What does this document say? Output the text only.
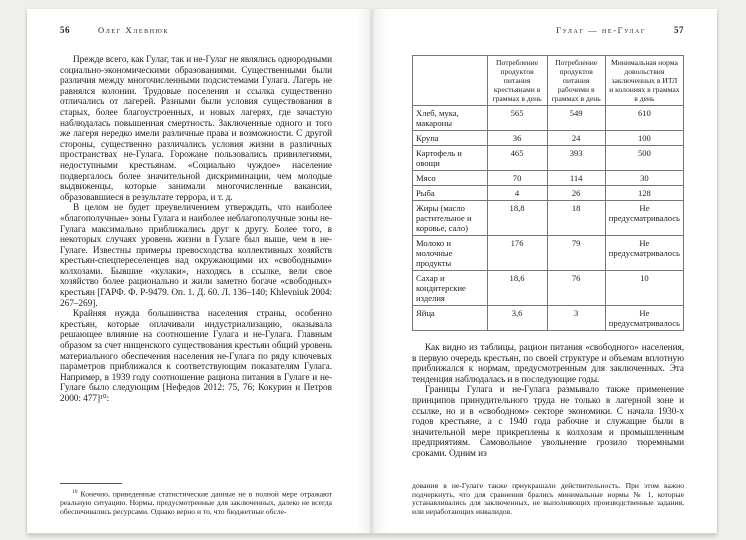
56	Олег Хлевнюк

Прежде всего, как Гулаг, так и не-Гулаг не являлись однородными социально-экономическими образованиями. Существенными были различия между многочисленными подсистемами Гулага. Лагерь не равнялся колонии. Трудовые поселения и ссылка существенно отличались от лагерей. Разными были условия существования в старых, более благоустроенных, и новых лагерях, где зачастую наблюдалась повышенная смертность. Заключенные одного и того же лагеря нередко имели различные права и возможности. С другой стороны, существенно различались условия жизни в различных пространствах не-Гулага. Горожане пользовались привилегиями, недоступными крестьянам. «Социально чуждое» население подвергалось более значительной дискриминации, чем молодые выдвиженцы, которые занимали многочисленные вакансии, образовавшиеся в результате террора, и т. д.

В целом не будет преувеличением утверждать, что наиболее «благополучные» зоны Гулага и наиболее неблагополучные зоны не-Гулага максимально приближались друг к другу. Более того, в некоторых случаях уровень жизни в Гулаге был выше, чем в не-Гулаге. Известны примеры превосходства коллективных хозяйств крестьян-спецпереселенцев над окружающими их «свободными» колхозами. Бывшие «кулаки», находясь в ссылке, вели свое хозяйство более рационально и жили заметно богаче «свободных» крестьян [ГАРФ. Ф. Р-9479. Оп. 1. Д. 60. Л. 136–140; Khlevniuk 2004: 267–269].

Крайняя нужда большинства населения страны, особенно крестьян, которые оплачивали индустриализацию, оказывала решающее влияние на соотношение Гулага и не-Гулага. Главным образом за счет нищенского существования крестьян общий уровень материального обеспечения населения не-Гулага по ряду ключевых параметров приближался к соответствующим показателям Гулага. Например, в 1939 году соотношение рациона питания в Гулаге и не-Гулаге было следующим [Нефедов 2012: 75, 76; Кокурин и Петров 2000: 477]¹⁰:

$^{10}$ Конечно, приведенные статистические данные не в полной мере отражают реальную ситуацию. Нормы, предусмотренные для заключенных, далеко не всегда обеспечивались ресурсами. Однако верно и то, что бюджетные обсле-

Гулаг — не-Гулаг	57
	Потребление продуктов питания крестьянами в граммах в день	Потребление продуктов питания рабочими в граммах в день	Минимальная норма довольствия заключенных в ИТЛ и колониях в граммах в день
Хлеб, мука, макароны	565	549	610
Крупа	36	24	100
Картофель и овощи	465	393	500
Мясо	70	114	30
Рыба	4	26	128
Жиры (масло растительное и коровье, сало)	18,8	18	Не предусматривалось
Молоко и молочные продукты	176	79	Не предусматривалось
Сахар и кондитерские изделия	18,6	76	10
Яйца	3,6	3	Не предусматривалось

Как видно из таблицы, рацион питания «свободного» населения, в первую очередь крестьян, по своей структуре и объемам вплотную приближался к нормам, предусмотренным для заключенных. Эта тенденция наблюдалась и в последующие годы.

Границы Гулага и не-Гулага размывало также применение принципов принудительного труда не только в лагерной зоне и ссылке, но и в «свободном» секторе экономики. С начала 1930-х годов крестьяне, а с 1940 года рабочие и служащие были в значительной мере прикреплены к колхозам и промышленным предприятиям. Самовольное увольнение грозило тюремными сроками. Одним из

дования в не-Гулаге также приукрашали действительность. При этом важно подчеркнуть, что для сравнения брались минимальные нормы № 1, которые устанавливались для заключенных, не выполняющих производственные задания, или неработающих инвалидов.
